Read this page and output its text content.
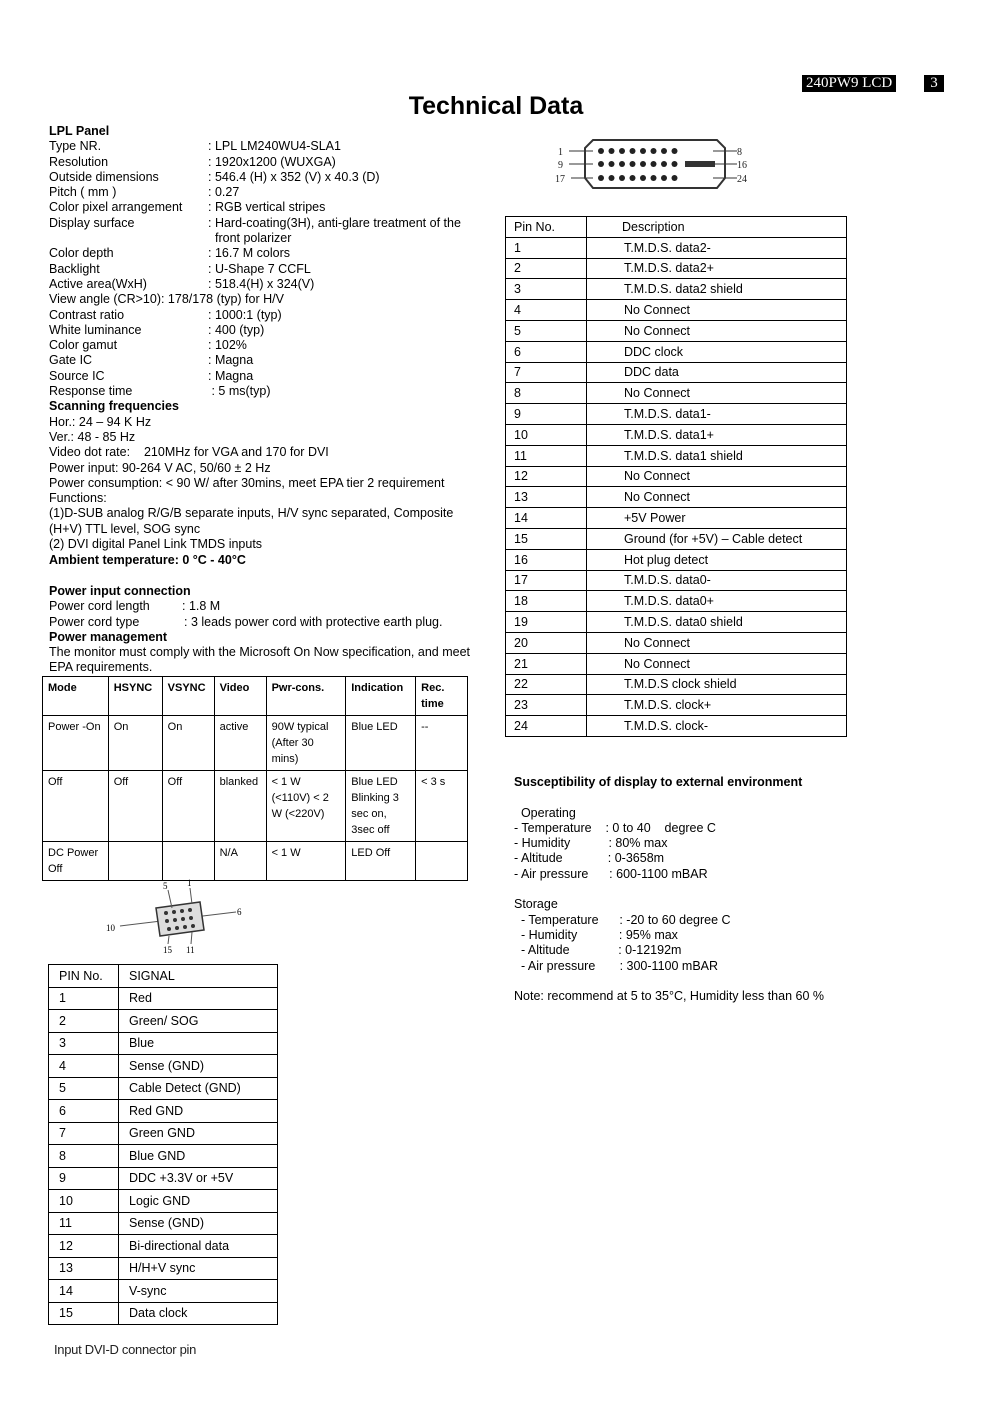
240PW9 LCD	3
Technical Data
LPL Panel
Type NR.	: LPL LM240WU4-SLA1
Resolution	: 1920x1200 (WUXGA)
Outside dimensions	: 546.4 (H) x 352 (V) x 40.3 (D)
Pitch ( mm )	: 0.27
Color pixel arrangement : RGB vertical stripes
Display surface	: Hard-coating(3H), anti-glare treatment of the
front polarizer
Color depth	: 16.7 M colors
Backlight	: U-Shape 7 CCFL
Active area(WxH)	: 518.4(H) x 324(V)
View angle (CR>10): 178/178 (typ) for H/V
Contrast ratio	: 1000:1 (typ)
White luminance	: 400 (typ)
Color gamut	: 102%
Gate IC	: Magna
Source IC	: Magna
Response time	: 5 ms(typ)
Scanning frequencies
Hor.: 24 – 94 K Hz
Ver.: 48 - 85 Hz
Video dot rate:    210MHz for VGA and 170 for DVI
Power input: 90-264 V AC, 50/60 ± 2 Hz
Power consumption: < 90 W/ after 30mins, meet EPA tier 2 requirement
Functions:
(1)D-SUB analog R/G/B separate inputs, H/V sync separated, Composite
(H+V) TTL level, SOG sync
(2) DVI digital Panel Link TMDS inputs
Ambient temperature: 0 °C - 40°C
Power input connection
Power cord length	: 1.8 M
Power cord type	: 3 leads power cord with protective earth plug.
Power management
The monitor must comply with the Microsoft On Now specification, and meet EPA requirements.
Mode	HSYNC	VSYNC	Video	Pwr-cons.	Indication	Rec. time
Power -On	On	On	active	90W typical (After 30 mins)	Blue LED	--
Off	Off	Off	blanked	< 1 W (<110V) < 2 W (<220V)	Blue LED Blinking 3 sec on, 3sec off	< 3 s
DC Power Off			N/A	< 1 W	LED Off	
5 1
10
6
15 11
PIN No.	SIGNAL
1	Red
2	Green/ SOG
3	Blue
4	Sense (GND)
5	Cable Detect (GND)
6	Red GND
7	Green GND
8	Blue GND
9	DDC +3.3V or +5V
10	Logic GND
11	Sense (GND)
12	Bi-directional data
13	H/H+V sync
14	V-sync
15	Data clock
1
9
17
8
16
24
Pin No.	Description
1	T.M.D.S. data2-
2	T.M.D.S. data2+
3	T.M.D.S. data2 shield
4	No Connect
5	No Connect
6	DDC clock
7	DDC data
8	No Connect
9	T.M.D.S. data1-
10	T.M.D.S. data1+
11	T.M.D.S. data1 shield
12	No Connect
13	No Connect
14	+5V Power
15	Ground (for +5V) – Cable detect
16	Hot plug detect
17	T.M.D.S. data0-
18	T.M.D.S. data0+
19	T.M.D.S. data0 shield
20	No Connect
21	No Connect
22	T.M.D.S clock shield
23	T.M.D.S. clock+
24	T.M.D.S. clock-
Susceptibility of display to external environment
Operating
- Temperature    : 0 to 40    degree C
- Humidity           : 80% max
- Altitude             : 0-3658m
- Air pressure      : 600-1100 mBAR
Storage
- Temperature      : -20 to 60 degree C
- Humidity            : 95% max
- Altitude              : 0-12192m
- Air pressure       : 300-1100 mBAR
Note: recommend at 5 to 35°C, Humidity less than 60 %
Input DVI-D connector pin
